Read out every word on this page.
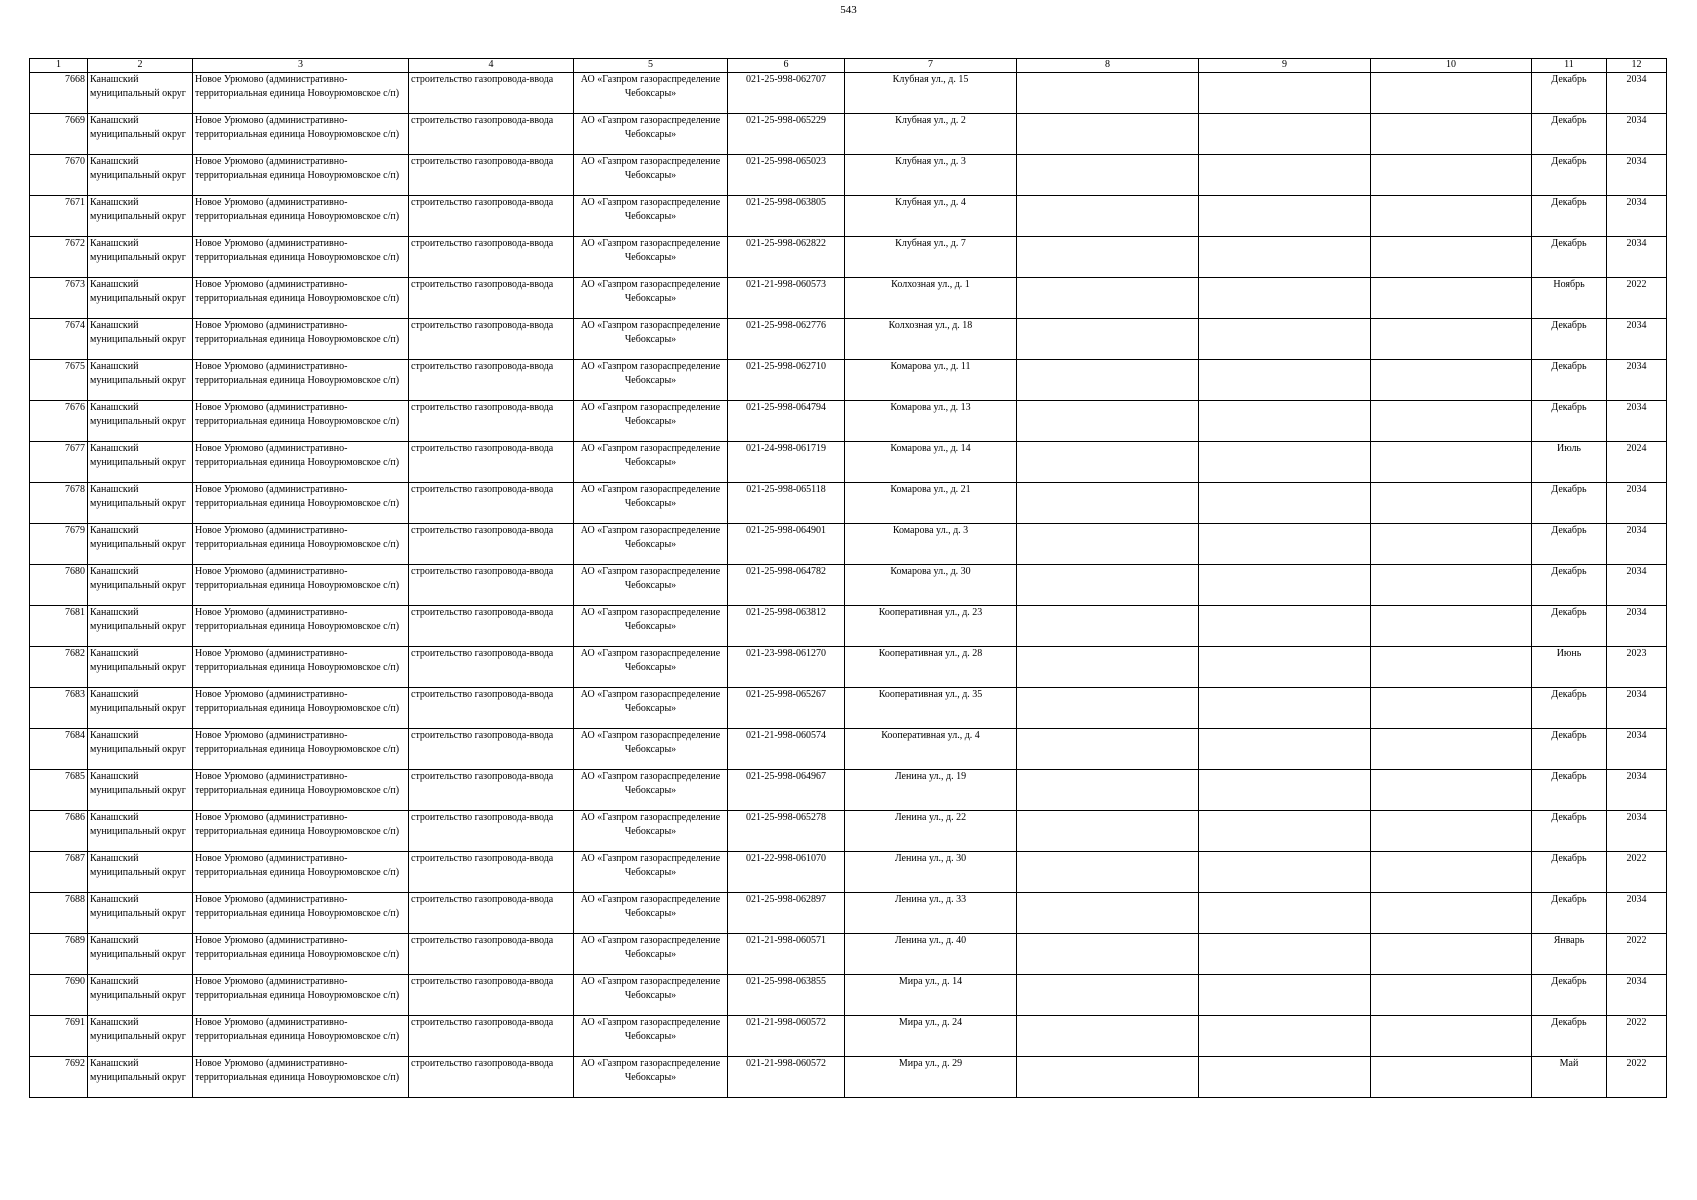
543
1	2	3	4	5	6	7	8	9	10	11	12

7668	Канашский муниципальный округ	Новое Урюмово (административно-территориальная единица Новоурюмовское с/п)	строительство газопровода-ввода	АО «Газпром газораспределение Чебоксары»	021-25-998-062707	Клубная ул., д. 15				Декабрь	2034

7669	Канашский муниципальный округ	Новое Урюмово (административно-территориальная единица Новоурюмовское с/п)	строительство газопровода-ввода	АО «Газпром газораспределение Чебоксары»	021-25-998-065229	Клубная ул., д. 2				Декабрь	2034

7670	Канашский муниципальный округ	Новое Урюмово (административно-территориальная единица Новоурюмовское с/п)	строительство газопровода-ввода	АО «Газпром газораспределение Чебоксары»	021-25-998-065023	Клубная ул., д. 3				Декабрь	2034

7671	Канашский муниципальный округ	Новое Урюмово (административно-территориальная единица Новоурюмовское с/п)	строительство газопровода-ввода	АО «Газпром газораспределение Чебоксары»	021-25-998-063805	Клубная ул., д. 4				Декабрь	2034

7672	Канашский муниципальный округ	Новое Урюмово (административно-территориальная единица Новоурюмовское с/п)	строительство газопровода-ввода	АО «Газпром газораспределение Чебоксары»	021-25-998-062822	Клубная ул., д. 7				Декабрь	2034

7673	Канашский муниципальный округ	Новое Урюмово (административно-территориальная единица Новоурюмовское с/п)	строительство газопровода-ввода	АО «Газпром газораспределение Чебоксары»	021-21-998-060573	Колхозная ул., д. 1				Ноябрь	2022

7674	Канашский муниципальный округ	Новое Урюмово (административно-территориальная единица Новоурюмовское с/п)	строительство газопровода-ввода	АО «Газпром газораспределение Чебоксары»	021-25-998-062776	Колхозная ул., д. 18				Декабрь	2034

7675	Канашский муниципальный округ	Новое Урюмово (административно-территориальная единица Новоурюмовское с/п)	строительство газопровода-ввода	АО «Газпром газораспределение Чебоксары»	021-25-998-062710	Комарова ул., д. 11				Декабрь	2034

7676	Канашский муниципальный округ	Новое Урюмово (административно-территориальная единица Новоурюмовское с/п)	строительство газопровода-ввода	АО «Газпром газораспределение Чебоксары»	021-25-998-064794	Комарова ул., д. 13				Декабрь	2034

7677	Канашский муниципальный округ	Новое Урюмово (административно-территориальная единица Новоурюмовское с/п)	строительство газопровода-ввода	АО «Газпром газораспределение Чебоксары»	021-24-998-061719	Комарова ул., д. 14				Июль	2024

7678	Канашский муниципальный округ	Новое Урюмово (административно-территориальная единица Новоурюмовское с/п)	строительство газопровода-ввода	АО «Газпром газораспределение Чебоксары»	021-25-998-065118	Комарова ул., д. 21				Декабрь	2034

7679	Канашский муниципальный округ	Новое Урюмово (административно-территориальная единица Новоурюмовское с/п)	строительство газопровода-ввода	АО «Газпром газораспределение Чебоксары»	021-25-998-064901	Комарова ул., д. 3				Декабрь	2034

7680	Канашский муниципальный округ	Новое Урюмово (административно-территориальная единица Новоурюмовское с/п)	строительство газопровода-ввода	АО «Газпром газораспределение Чебоксары»	021-25-998-064782	Комарова ул., д. 30				Декабрь	2034

7681	Канашский муниципальный округ	Новое Урюмово (административно-территориальная единица Новоурюмовское с/п)	строительство газопровода-ввода	АО «Газпром газораспределение Чебоксары»	021-25-998-063812	Кооперативная ул., д. 23				Декабрь	2034

7682	Канашский муниципальный округ	Новое Урюмово (административно-территориальная единица Новоурюмовское с/п)	строительство газопровода-ввода	АО «Газпром газораспределение Чебоксары»	021-23-998-061270	Кооперативная ул., д. 28				Июнь	2023

7683	Канашский муниципальный округ	Новое Урюмово (административно-территориальная единица Новоурюмовское с/п)	строительство газопровода-ввода	АО «Газпром газораспределение Чебоксары»	021-25-998-065267	Кооперативная ул., д. 35				Декабрь	2034

7684	Канашский муниципальный округ	Новое Урюмово (административно-территориальная единица Новоурюмовское с/п)	строительство газопровода-ввода	АО «Газпром газораспределение Чебоксары»	021-21-998-060574	Кооперативная ул., д. 4				Декабрь	2034

7685	Канашский муниципальный округ	Новое Урюмово (административно-территориальная единица Новоурюмовское с/п)	строительство газопровода-ввода	АО «Газпром газораспределение Чебоксары»	021-25-998-064967	Ленина ул., д. 19				Декабрь	2034

7686	Канашский муниципальный округ	Новое Урюмово (административно-территориальная единица Новоурюмовское с/п)	строительство газопровода-ввода	АО «Газпром газораспределение Чебоксары»	021-25-998-065278	Ленина ул., д. 22				Декабрь	2034

7687	Канашский муниципальный округ	Новое Урюмово (административно-территориальная единица Новоурюмовское с/п)	строительство газопровода-ввода	АО «Газпром газораспределение Чебоксары»	021-22-998-061070	Ленина ул., д. 30				Декабрь	2022

7688	Канашский муниципальный округ	Новое Урюмово (административно-территориальная единица Новоурюмовское с/п)	строительство газопровода-ввода	АО «Газпром газораспределение Чебоксары»	021-25-998-062897	Ленина ул., д. 33				Декабрь	2034

7689	Канашский муниципальный округ	Новое Урюмово (административно-территориальная единица Новоурюмовское с/п)	строительство газопровода-ввода	АО «Газпром газораспределение Чебоксары»	021-21-998-060571	Ленина ул., д. 40				Январь	2022

7690	Канашский муниципальный округ	Новое Урюмово (административно-территориальная единица Новоурюмовское с/п)	строительство газопровода-ввода	АО «Газпром газораспределение Чебоксары»	021-25-998-063855	Мира ул., д. 14				Декабрь	2034

7691	Канашский муниципальный округ	Новое Урюмово (административно-территориальная единица Новоурюмовское с/п)	строительство газопровода-ввода	АО «Газпром газораспределение Чебоксары»	021-21-998-060572	Мира ул., д. 24				Декабрь	2022

7692	Канашский муниципальный округ	Новое Урюмово (административно-территориальная единица Новоурюмовское с/п)	строительство газопровода-ввода	АО «Газпром газораспределение Чебоксары»	021-21-998-060572	Мира ул., д. 29				Май	2022
